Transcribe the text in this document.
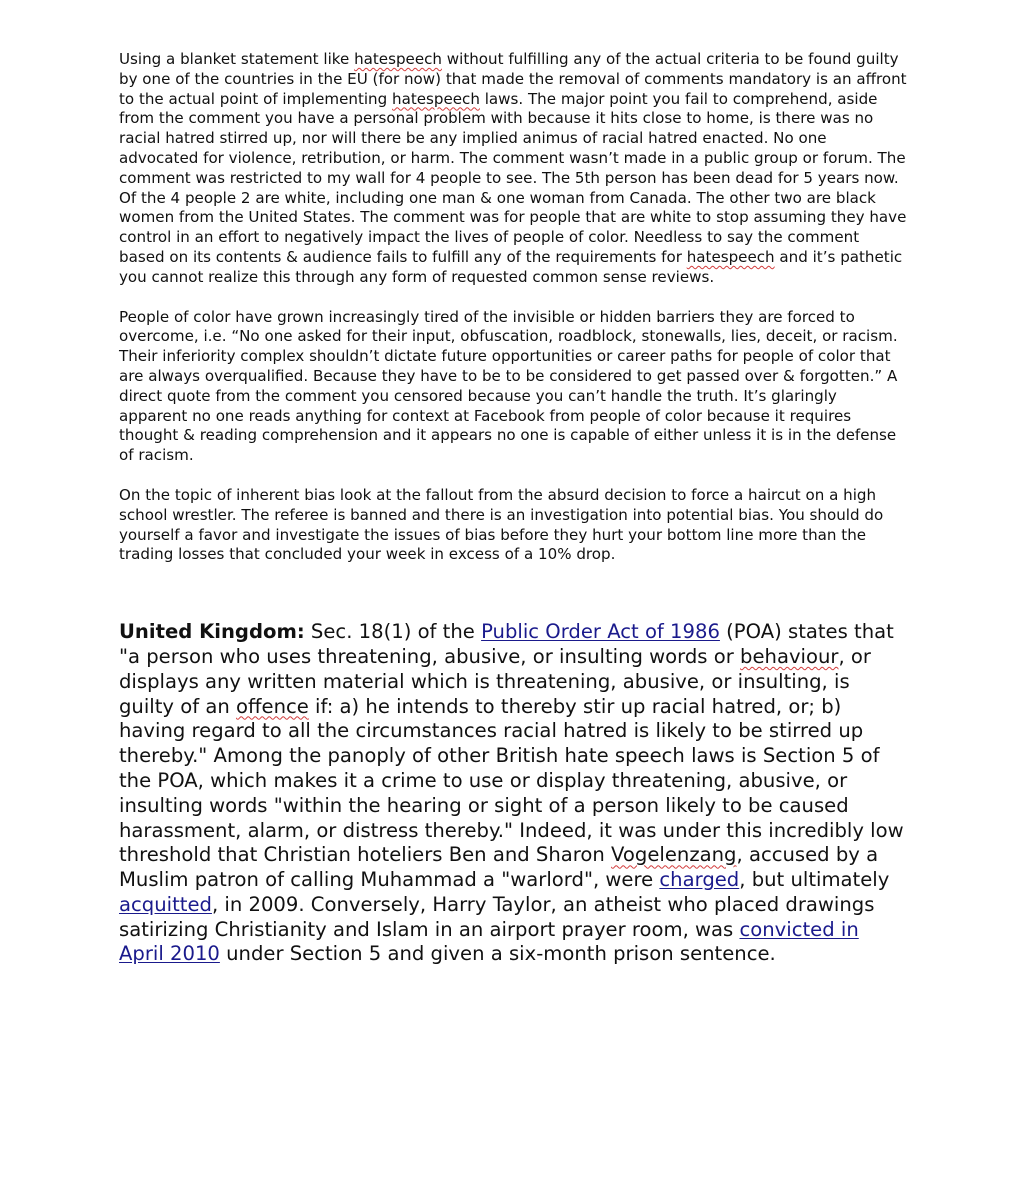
Using a blanket statement like hatespeech without fulfilling any of the actual criteria to be found guilty by one of the countries in the EU (for now) that made the removal of comments mandatory is an affront to the actual point of implementing hatespeech laws. The major point you fail to comprehend, aside from the comment you have a personal problem with because it hits close to home, is there was no racial hatred stirred up, nor will there be any implied animus of racial hatred enacted. No one advocated for violence, retribution, or harm. The comment wasn’t made in a public group or forum. The comment was restricted to my wall for 4 people to see. The 5th person has been dead for 5 years now. Of the 4 people 2 are white, including one man & one woman from Canada. The other two are black women from the United States. The comment was for people that are white to stop assuming they have control in an effort to negatively impact the lives of people of color. Needless to say the comment based on its contents & audience fails to fulfill any of the requirements for hatespeech and it’s pathetic you cannot realize this through any form of requested common sense reviews.

People of color have grown increasingly tired of the invisible or hidden barriers they are forced to overcome, i.e. “No one asked for their input, obfuscation, roadblock, stonewalls, lies, deceit, or racism. Their inferiority complex shouldn’t dictate future opportunities or career paths for people of color that are always overqualified. Because they have to be to be considered to get passed over & forgotten.” A direct quote from the comment you censored because you can’t handle the truth. It’s glaringly apparent no one reads anything for context at Facebook from people of color because it requires thought & reading comprehension and it appears no one is capable of either unless it is in the defense of racism.

On the topic of inherent bias look at the fallout from the absurd decision to force a haircut on a high school wrestler. The referee is banned and there is an investigation into potential bias. You should do yourself a favor and investigate the issues of bias before they hurt your bottom line more than the trading losses that concluded your week in excess of a 10% drop.

United Kingdom: Sec. 18(1) of the Public Order Act of 1986 (POA) states that "a person who uses threatening, abusive, or insulting words or behaviour, or displays any written material which is threatening, abusive, or insulting, is guilty of an offence if: a) he intends to thereby stir up racial hatred, or; b) having regard to all the circumstances racial hatred is likely to be stirred up thereby." Among the panoply of other British hate speech laws is Section 5 of the POA, which makes it a crime to use or display threatening, abusive, or insulting words "within the hearing or sight of a person likely to be caused harassment, alarm, or distress thereby." Indeed, it was under this incredibly low threshold that Christian hoteliers Ben and Sharon Vogelenzang, accused by a Muslim patron of calling Muhammad a "warlord", were charged, but ultimately acquitted, in 2009. Conversely, Harry Taylor, an atheist who placed drawings satirizing Christianity and Islam in an airport prayer room, was convicted in April 2010 under Section 5 and given a six-month prison sentence.
